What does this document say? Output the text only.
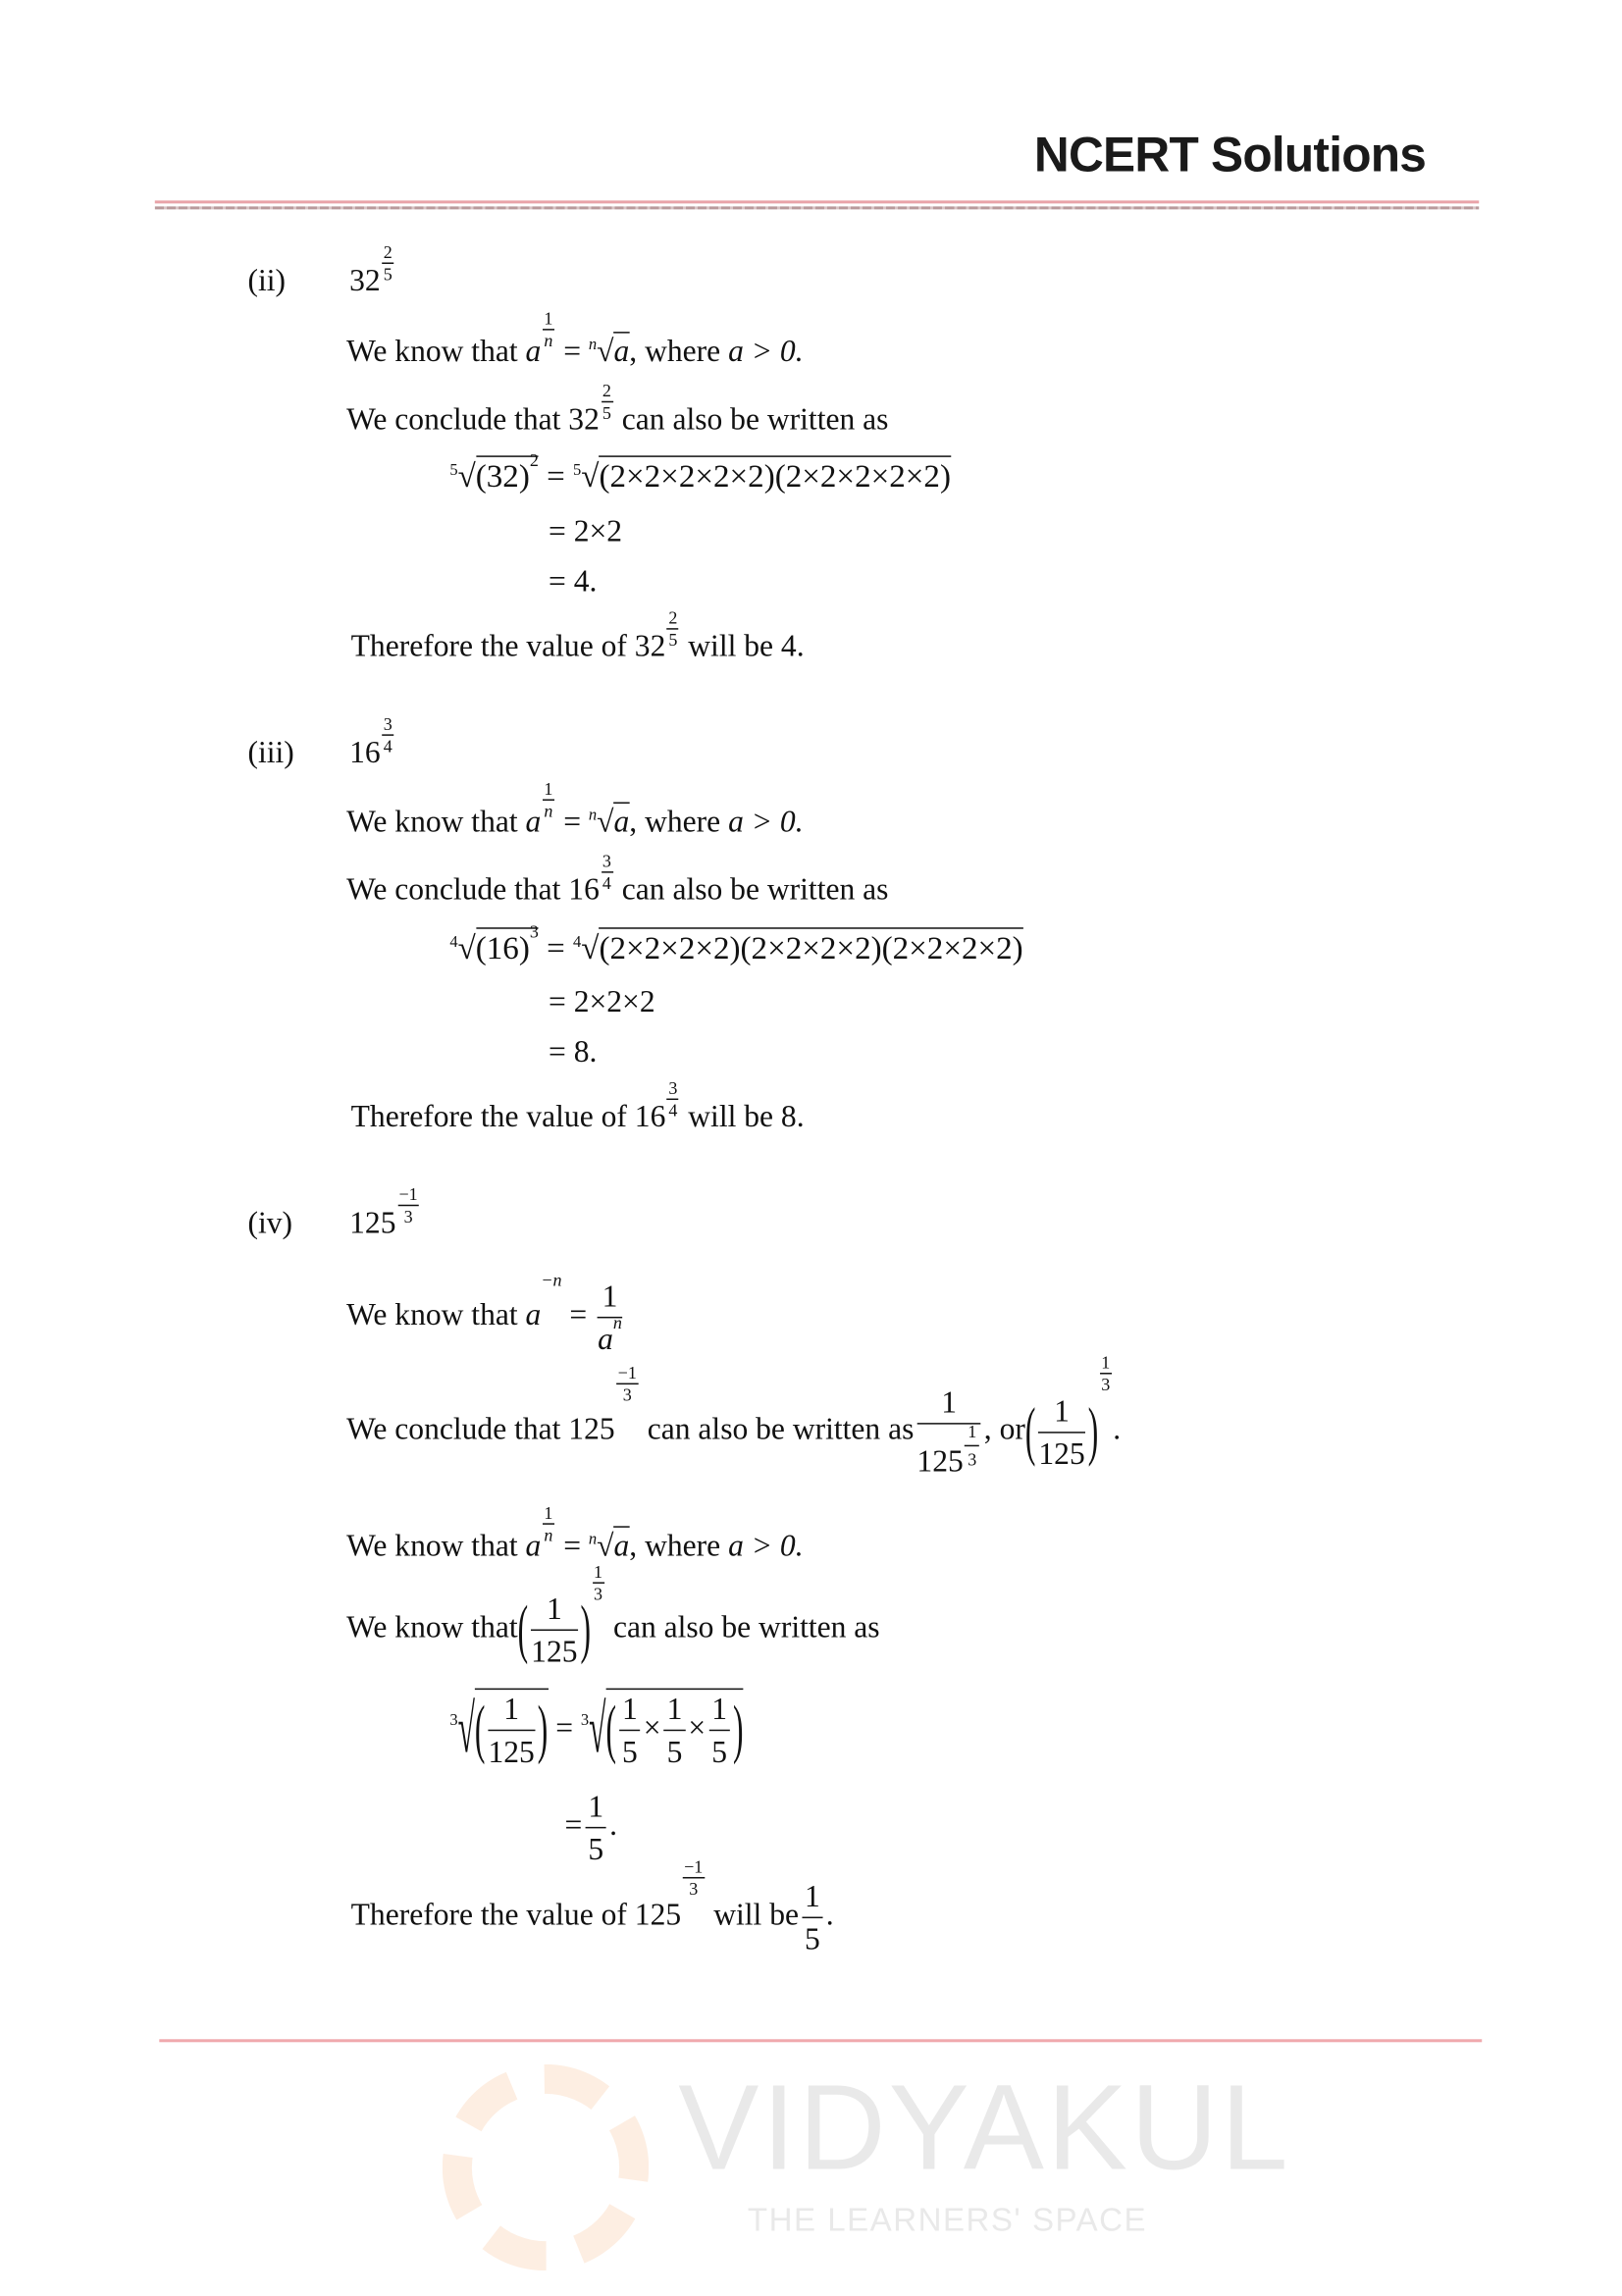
NCERT Solutions
(ii)	$32 \frac{2}{5}$
We know that a
$\frac{1}{n}$
= $^n$√a, where a > 0.
We conclude that $32 \frac{2}{5}$ can also be written as
$^5√(32)^2 = ^5√(2\times 2\times 2\times 2\times 2)(2\times 2\times 2\times 2\times 2)$
= 2×2
= 4.
Therefore the value of $32 \frac{2}{5}$ will be 4.
(iii)	$16 \frac{3}{4}$
We know that a
$\frac{1}{n}$
= $^n$√a, where a > 0.
We conclude that $16 \frac{3}{4}$ can also be written as
$^4√(16)^3 = ^4√(2\times 2\times 2\times 2)(2\times 2\times 2\times 2)(2\times 2\times 2\times 2)$
= 2×2×2
= 8.
Therefore the value of $16 \frac{3}{4}$ will be 8.
(iv)	$125 \frac{-1}{3}$
We know that $a^{-n} = \frac{1}{a^n}$
We conclude that 125
$\frac{-1}{3}$
can also be written as $\frac{1}{125 \frac{1}{3}}$ , $or( \frac{1}{125}$ )
$\frac{1}{3}$
.
We know that a
$\frac{1}{n}$
= $^n$√a, where a > 0.
We know that( $\frac{1}{125}$ )
$\frac{1}{3}$
can also be written as
$^3√( \frac{1}{125}$ ) = $^3√( \frac{1}{5} \times \frac{1}{5} \times \frac{1}{5}$ )
= $\frac{1}{5}$ .
Therefore the value of 125
$\frac{-1}{3}$
will be $\frac{1}{5}$ .
VIDYAKUL
THE LEARNERS' SPACE
